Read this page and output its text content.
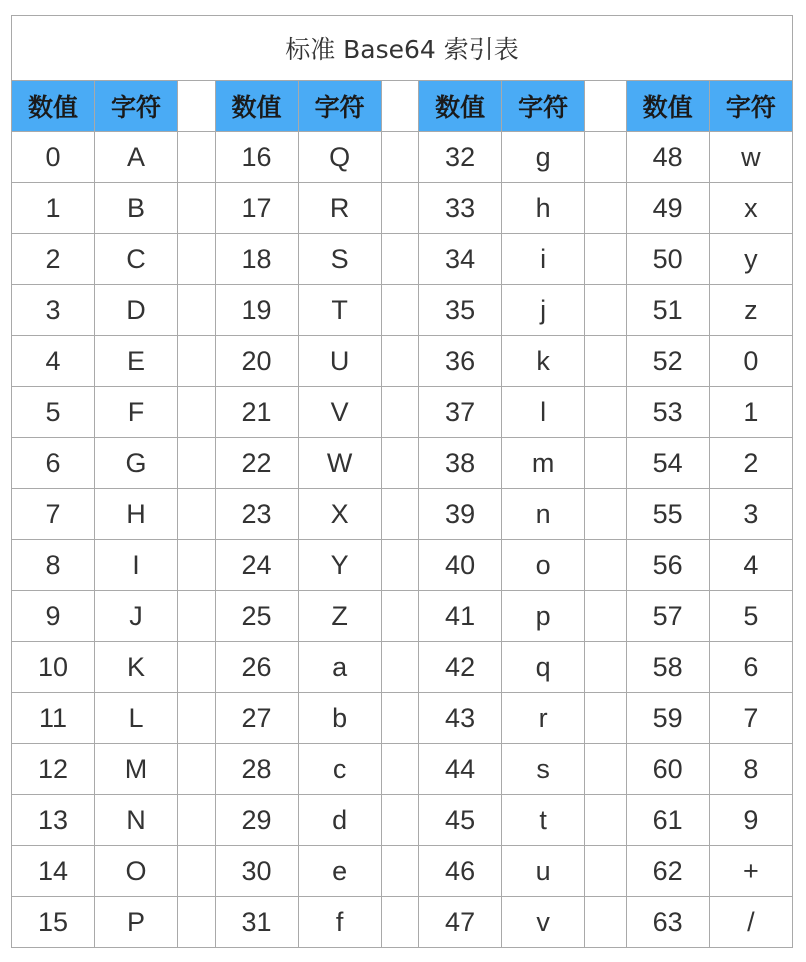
标准 Base64 索引表										
数值	字符		数值	字符		数值	字符		数值	字符
0	A		16	Q		32	g		48	w
1	B		17	R		33	h		49	x
2	C		18	S		34	i		50	y
3	D		19	T		35	j		51	z
4	E		20	U		36	k		52	0
5	F		21	V		37	l		53	1
6	G		22	W		38	m		54	2
7	H		23	X		39	n		55	3
8	I		24	Y		40	o		56	4
9	J		25	Z		41	p		57	5
10	K		26	a		42	q		58	6
11	L		27	b		43	r		59	7
12	M		28	c		44	s		60	8
13	N		29	d		45	t		61	9
14	O		30	e		46	u		62	+
15	P		31	f		47	v		63	/
